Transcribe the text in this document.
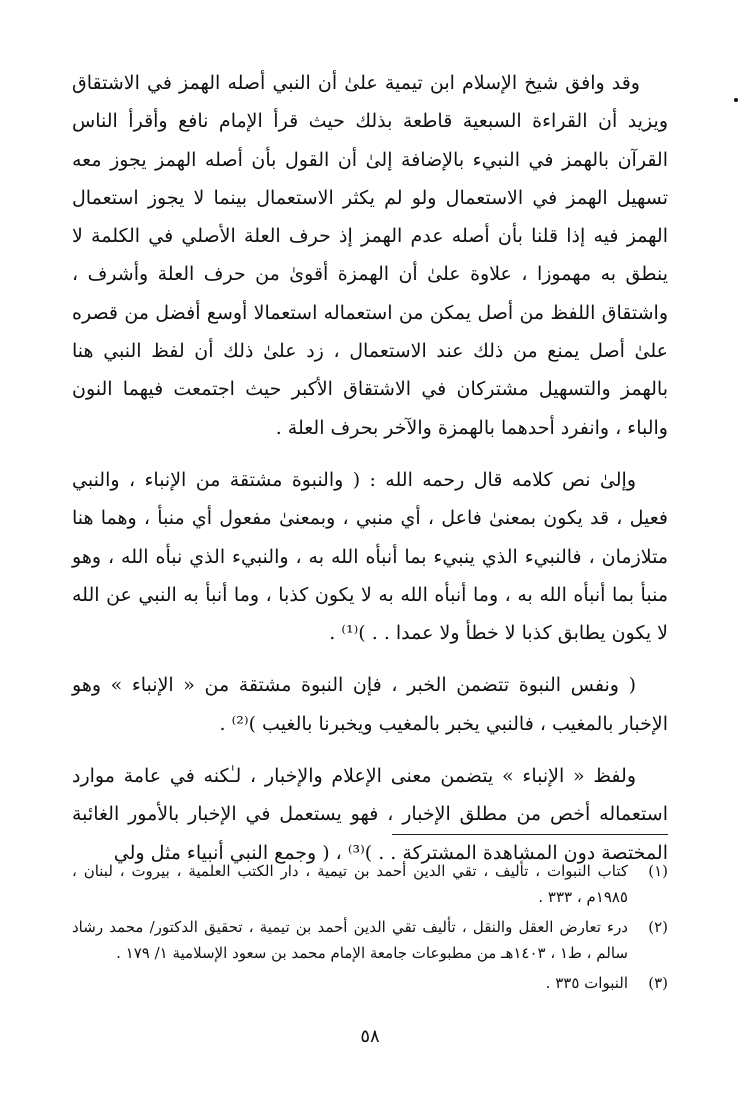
وقد وافق شيخ الإسلام ابن تيمية علىٰ أن النبي أصله الهمز في الاشتقاق ويزيد أن القراءة السبعية قاطعة بذلك حيث قرأ الإمام نافع وأقرأ الناس القرآن بالهمز في النبيء بالإضافة إلىٰ أن القول بأن أصله الهمز يجوز معه تسهيل الهمز في الاستعمال ولو لم يكثر الاستعمال بينما لا يجوز استعمال الهمز فيه إذا قلنا بأن أصله عدم الهمز إذ حرف العلة الأصلي في الكلمة لا ينطق به مهموزا ، علاوة علىٰ أن الهمزة أقوىٰ من حرف العلة وأشرف ، واشتقاق اللفظ من أصل يمكن من استعماله استعمالا أوسع أفضل من قصره علىٰ أصل يمنع من ذلك عند الاستعمال ، زد علىٰ ذلك أن لفظ النبي هنا بالهمز والتسهيل مشتركان في الاشتقاق الأكبر حيث اجتمعت فيهما النون والباء ، وانفرد أحدهما بالهمزة والآخر بحرف العلة .

وإلىٰ نص كلامه قال رحمه الله : ( والنبوة مشتقة من الإنباء ، والنبي فعيل ، قد يكون بمعنىٰ فاعل ، أي منبي ، وبمعنىٰ مفعول أي منبأ ، وهما هنا متلازمان ، فالنبيء الذي ينبيء بما أنبأه الله به ، والنبيء الذي نبأه الله ، وهو منبأ بما أنبأه الله به ، وما أنبأه الله به لا يكون كذبا ، وما أنبأ به النبي عن الله لا يكون يطابق كذبا لا خطأ ولا عمدا . . )⁽¹⁾ .

( ونفس النبوة تتضمن الخبر ، فإن النبوة مشتقة من « الإنباء » وهو الإخبار بالمغيب ، فالنبي يخبر بالمغيب ويخبرنا بالغيب )⁽²⁾ .

ولفظ « الإنباء » يتضمن معنى الإعلام والإخبار ، لـٰكنه في عامة موارد استعماله أخص من مطلق الإخبار ، فهو يستعمل في الإخبار بالأمور الغائبة المختصة دون المشاهدة المشتركة . . )⁽³⁾ ، ( وجمع النبي أنبياء مثل ولي

(١)
كتاب النبوات ، تأليف ، تقي الدين أحمد بن تيمية ، دار الكتب العلمية ، بيروت ، لبنان ، ١٩٨٥م ، ٣٣٣ .
(٢)
درء تعارض العقل والنقل ، تأليف تقي الدين أحمد بن تيمية ، تحقيق الدكتور/ محمد رشاد سالم ، ط١ ، ١٤٠٣هـ من مطبوعات جامعة الإمام محمد بن سعود الإسلامية ١/ ١٧٩ .
(٣)
النبوات ٣٣٥ .
٥٨
